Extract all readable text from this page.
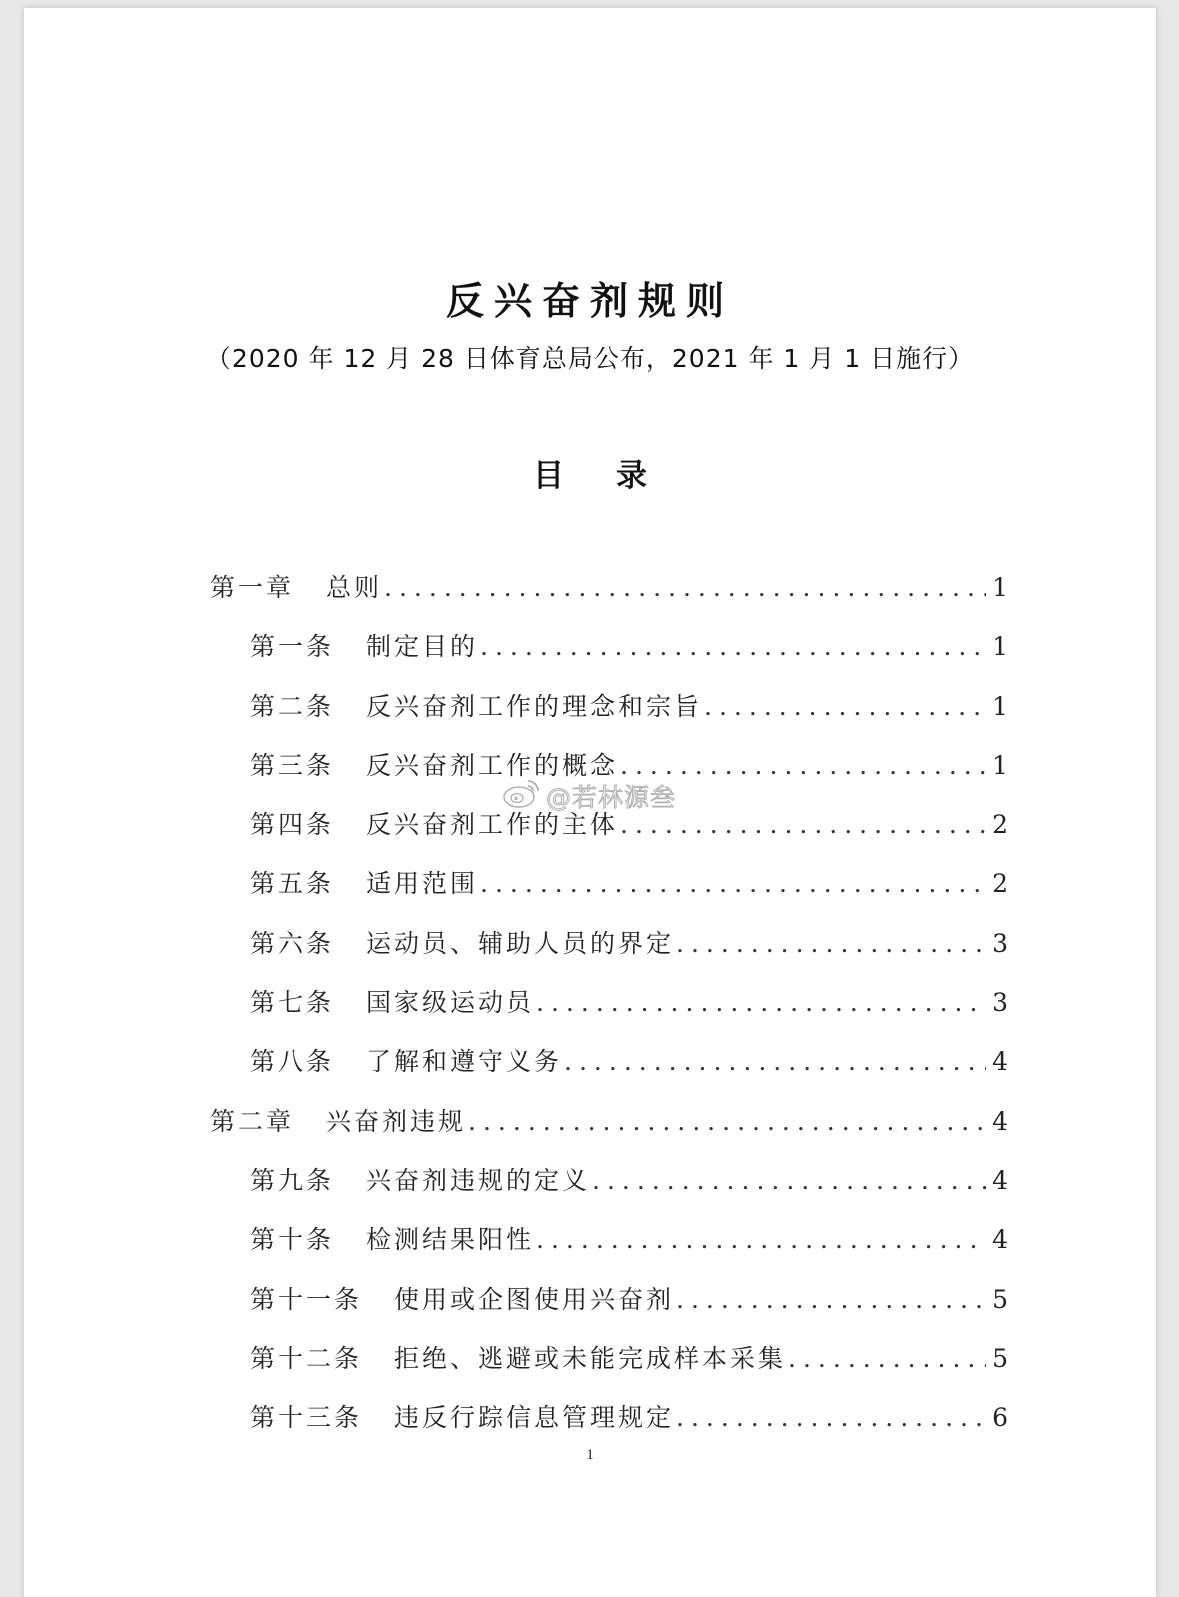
反兴奋剂规则
（2020 年 12 月 28 日体育总局公布，2021 年 1 月 1 日施行）
目录
第一章 总则 .....	1
第一条 制定目的 .....	1
第二条 反兴奋剂工作的理念和宗旨 .....	1
第三条 反兴奋剂工作的概念 .....	1
第四条 反兴奋剂工作的主体 .....	2
第五条 适用范围 .....	2
第六条 运动员、辅助人员的界定 .....	3
第七条 国家级运动员 .....	3
第八条 了解和遵守义务 .....	4
第二章 兴奋剂违规 .....	4
第九条 兴奋剂违规的定义 .....	4
第十条 检测结果阳性 .....	4
第十一条 使用或企图使用兴奋剂 .....	5
第十二条 拒绝、逃避或未能完成样本采集 .....	5
第十三条 违反行踪信息管理规定 .....	6
1
@若林源叁
